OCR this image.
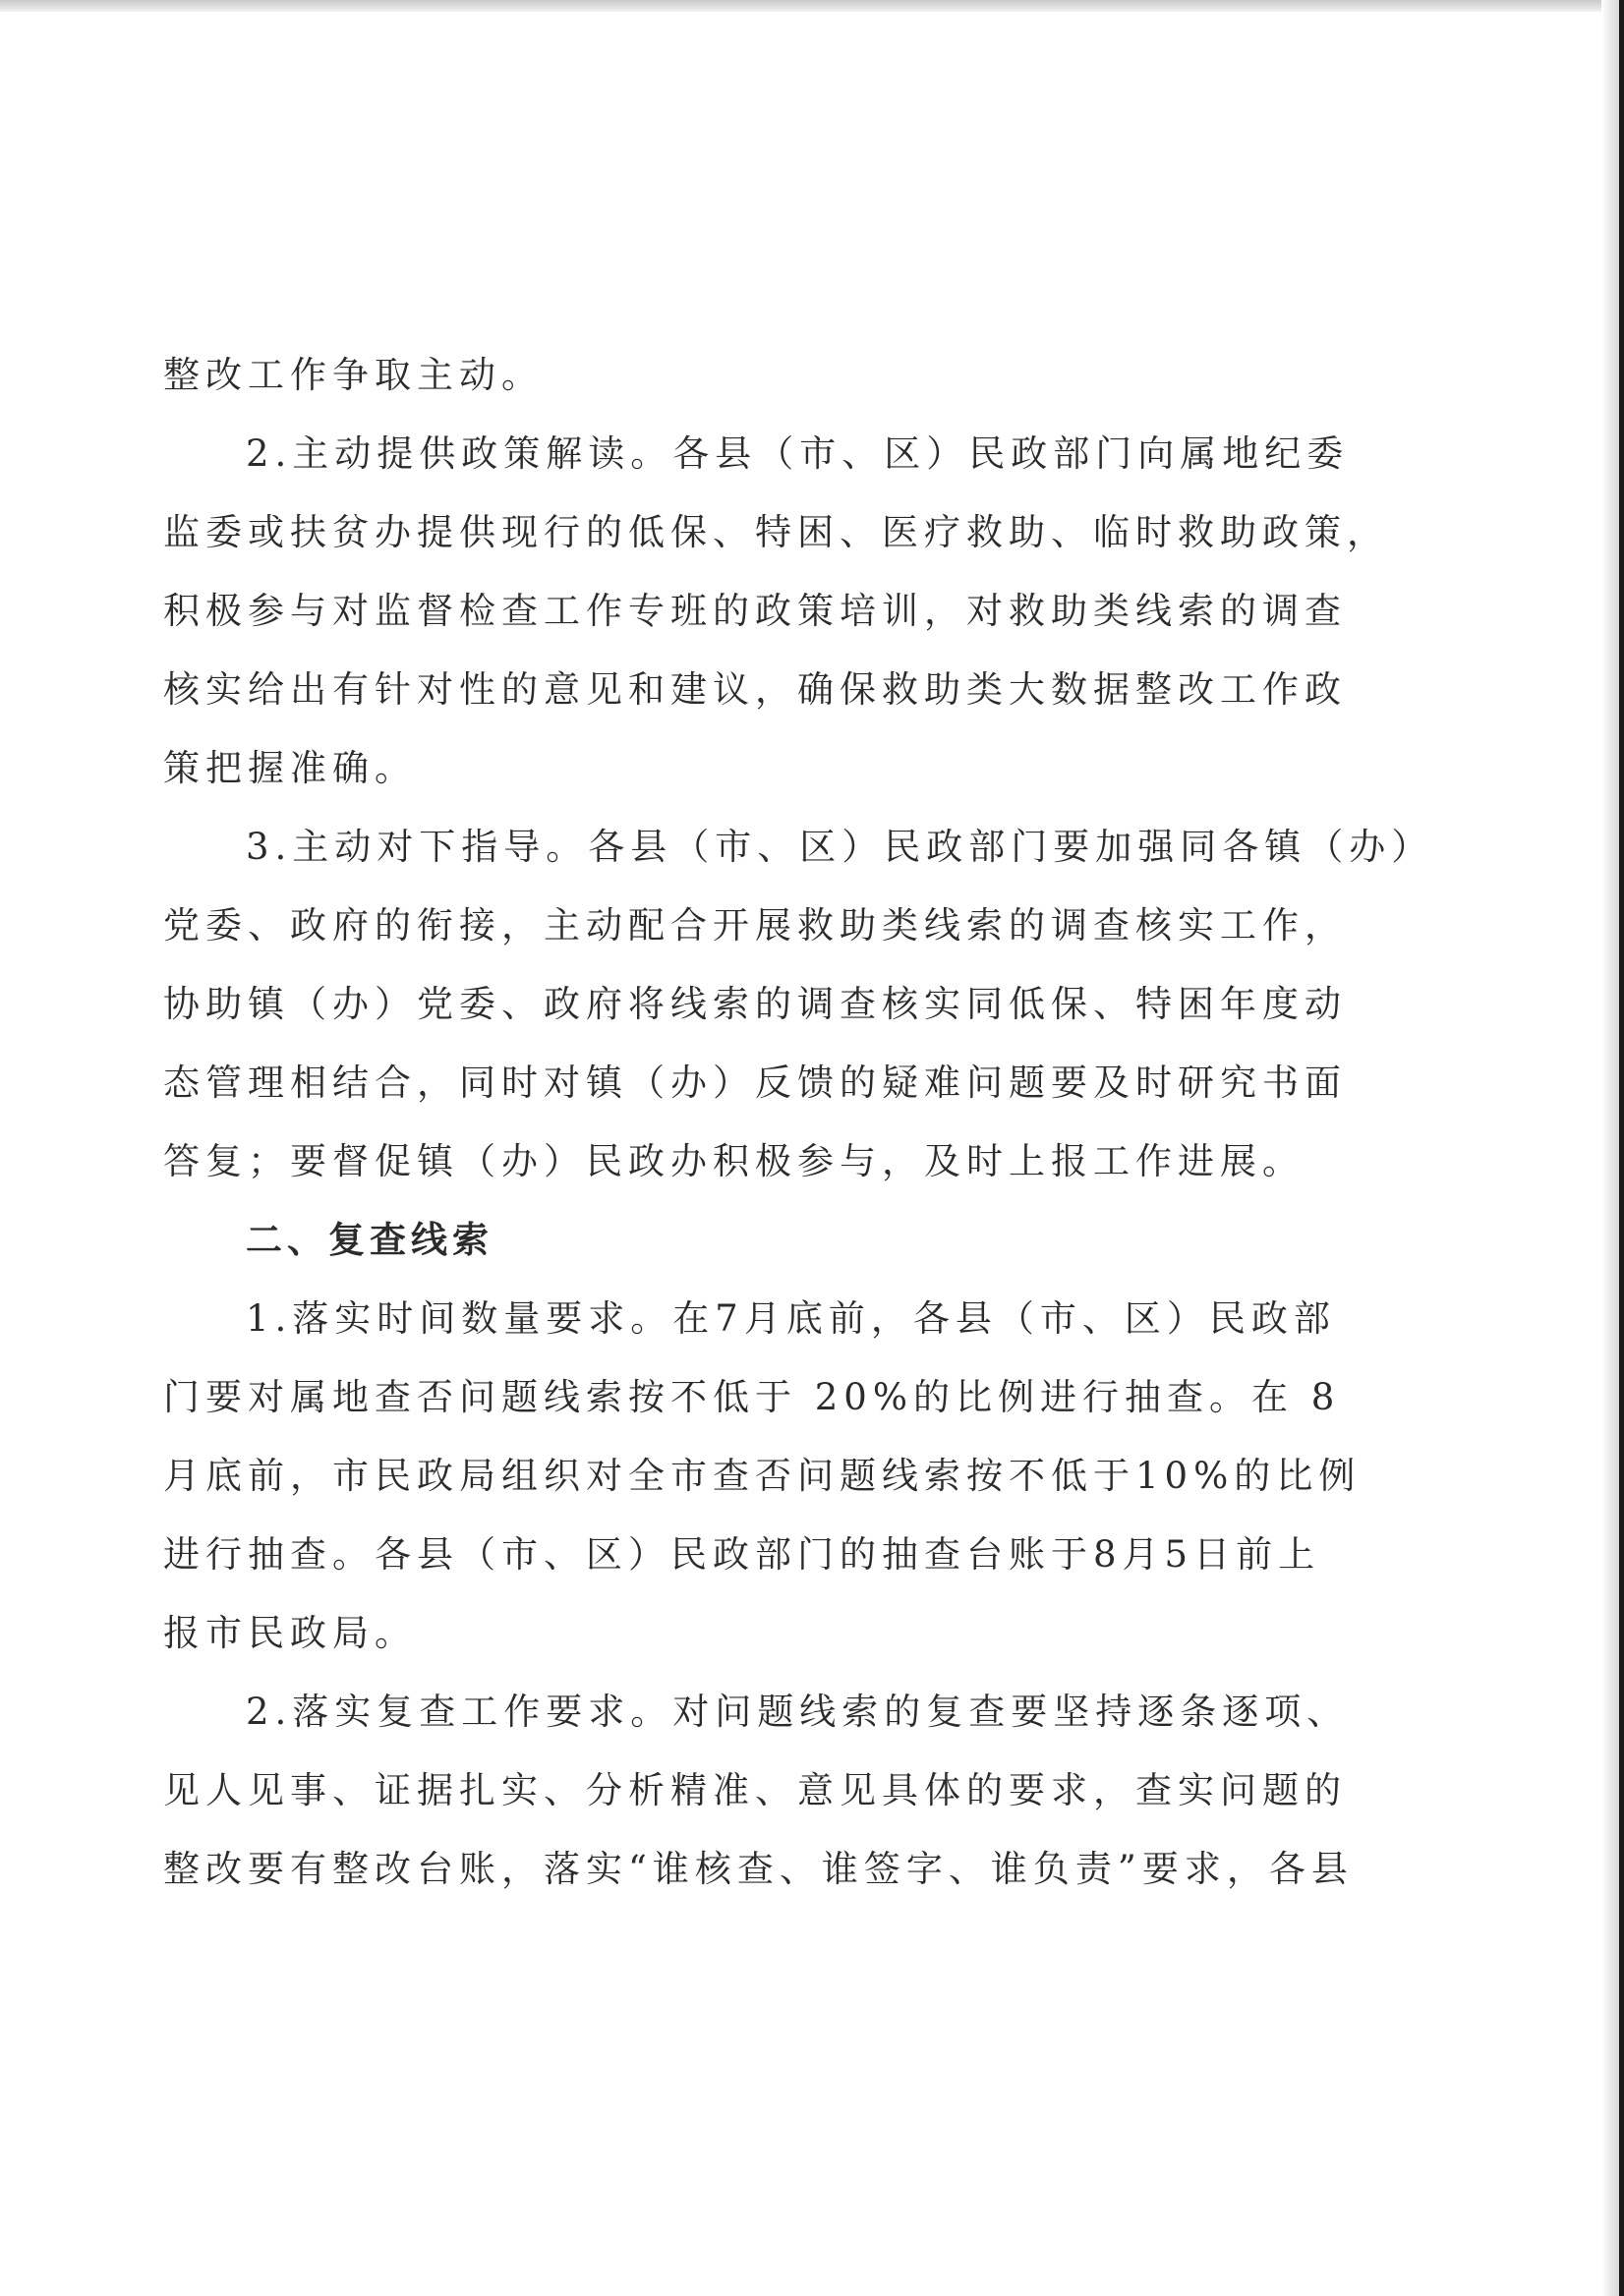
整改工作争取主动。

2.主动提供政策解读。各县（市、区）民政部门向属地纪委

监委或扶贫办提供现行的低保、特困、医疗救助、临时救助政策，

积极参与对监督检查工作专班的政策培训，对救助类线索的调查

核实给出有针对性的意见和建议，确保救助类大数据整改工作政

策把握准确。

3.主动对下指导。各县（市、区）民政部门要加强同各镇（办）

党委、政府的衔接，主动配合开展救助类线索的调查核实工作，

协助镇（办）党委、政府将线索的调查核实同低保、特困年度动

态管理相结合，同时对镇（办）反馈的疑难问题要及时研究书面

答复；要督促镇（办）民政办积极参与，及时上报工作进展。

二、复查线索

1.落实时间数量要求。在7月底前，各县（市、区）民政部

门要对属地查否问题线索按不低于 20%的比例进行抽查。在 8

月底前，市民政局组织对全市查否问题线索按不低于10%的比例

进行抽查。各县（市、区）民政部门的抽查台账于8月5日前上

报市民政局。

2.落实复查工作要求。对问题线索的复查要坚持逐条逐项、

见人见事、证据扎实、分析精准、意见具体的要求，查实问题的

整改要有整改台账，落实“谁核查、谁签字、谁负责”要求，各县
